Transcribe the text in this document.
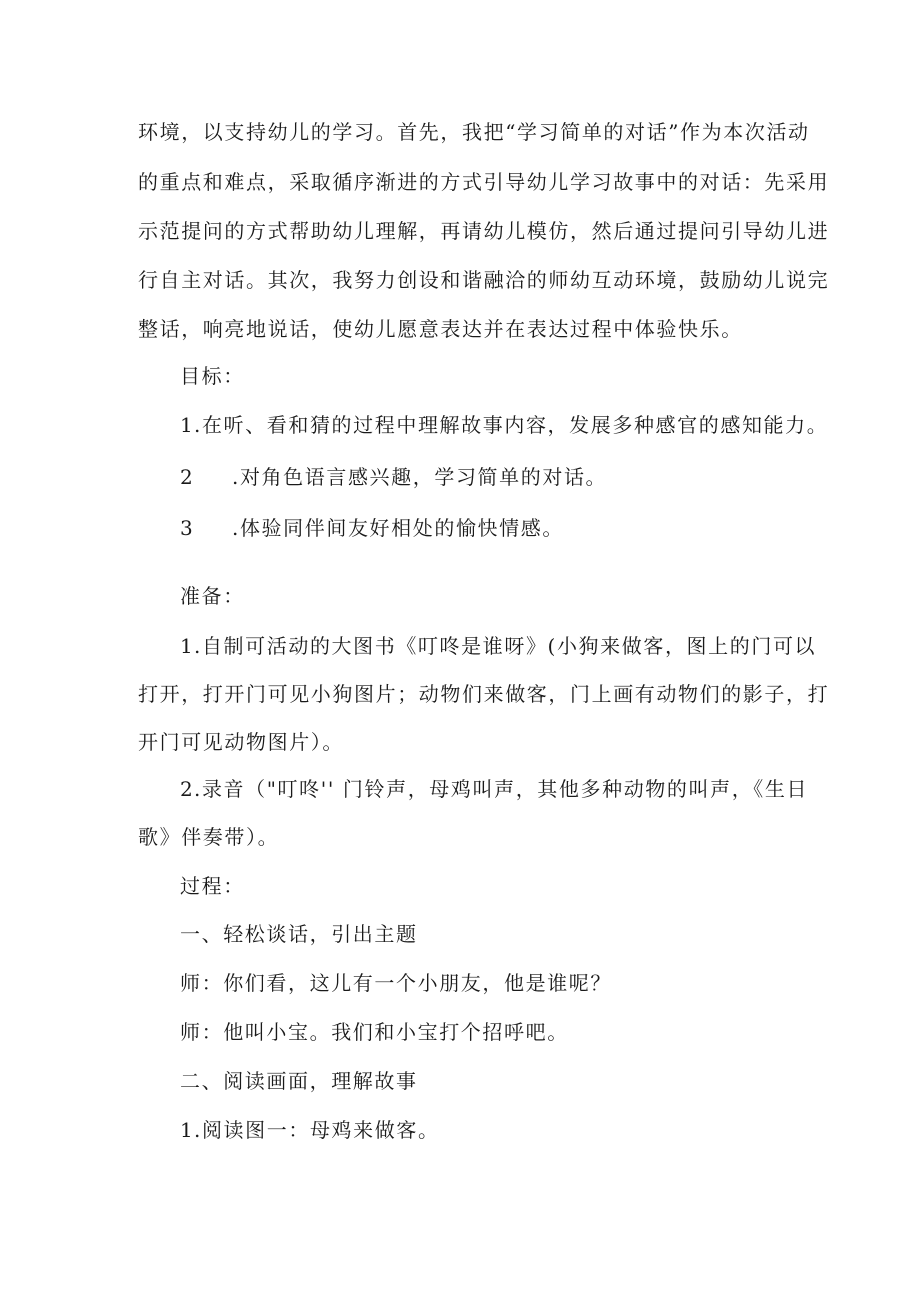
环境，以支持幼儿的学习。首先，我把“学习简单的对话”作为本次活动
的重点和难点，采取循序渐进的方式引导幼儿学习故事中的对话：先采用
示范提问的方式帮助幼儿理解，再请幼儿模仿，然后通过提问引导幼儿进
行自主对话。其次，我努力创设和谐融洽的师幼互动环境，鼓励幼儿说完
整话，响亮地说话，使幼儿愿意表达并在表达过程中体验快乐。
目标：
1.在听、看和猜的过程中理解故事内容，发展多种感官的感知能力。
2 .对角色语言感兴趣，学习简单的对话。
3 .体验同伴间友好相处的愉快情感。
准备：
1.自制可活动的大图书《叮咚是谁呀》(小狗来做客，图上的门可以
打开，打开门可见小狗图片；动物们来做客，门上画有动物们的影子，打
开门可见动物图片）。
2.录音（"叮咚'' 门铃声，母鸡叫声，其他多种动物的叫声，《生日
歌》伴奏带）。
过程：
一、轻松谈话，引出主题
师：你们看，这儿有一个小朋友，他是谁呢？
师：他叫小宝。我们和小宝打个招呼吧。
二、阅读画面，理解故事
1.阅读图一：母鸡来做客。
